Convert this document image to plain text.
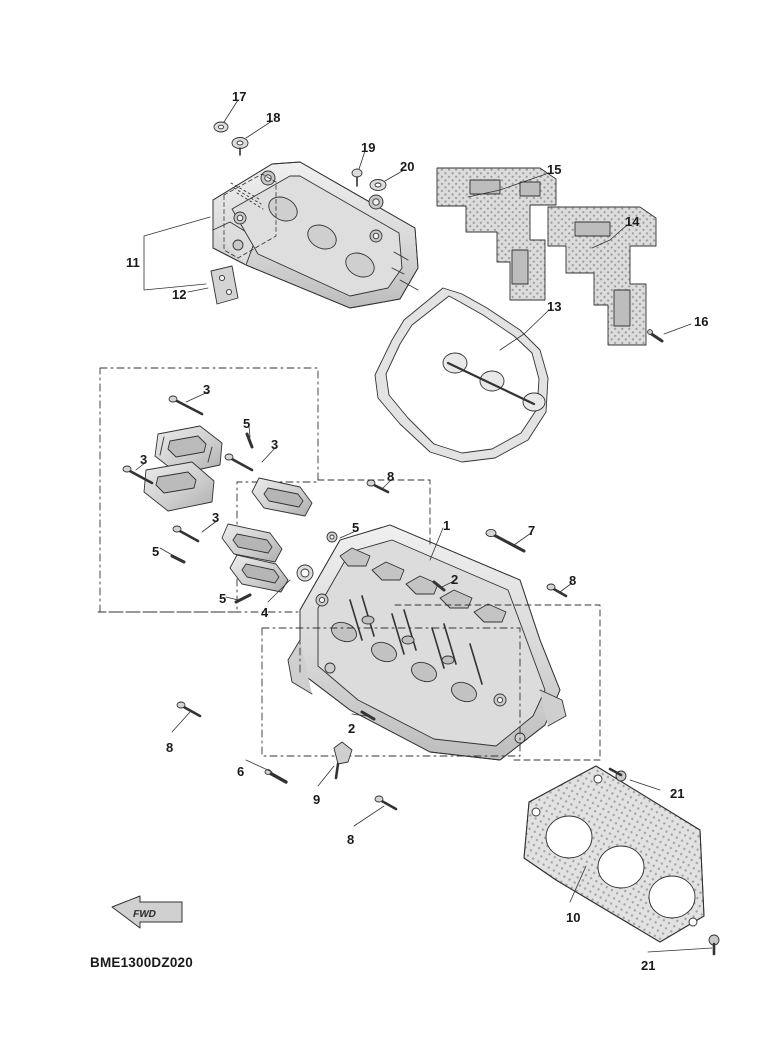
FWD
BME1300DZ020
17
18
19
20	15
14
11
12
13
16
3
5
3
3
8
3
5
5	1	7
2	8
5
4
8
2
6
9	21
8
10
21
